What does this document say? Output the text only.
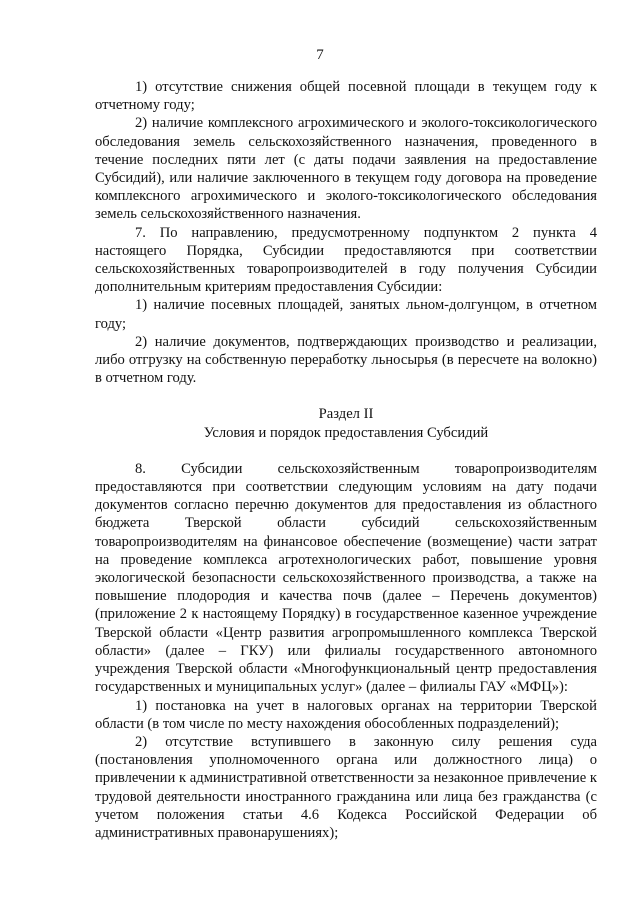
7

1) отсутствие снижения общей посевной площади в текущем году к отчетному году;

2) наличие комплексного агрохимического и эколого-токсикологического обследования земель сельскохозяйственного назначения, проведенного в течение последних пяти лет (с даты подачи заявления на предоставление Субсидий), или наличие заключенного в текущем году договора на проведение комплексного агрохимического и эколого-токсикологического обследования земель сельскохозяйственного назначения.

7. По направлению, предусмотренному подпунктом 2 пункта 4 настоящего Порядка, Субсидии предоставляются при соответствии сельскохозяйственных товаропроизводителей в году получения Субсидии дополнительным критериям предоставления Субсидии:

1) наличие посевных площадей, занятых льном-долгунцом, в отчетном году;

2) наличие документов, подтверждающих производство и реализации, либо отгрузку на собственную переработку льносырья (в пересчете на волокно) в отчетном году.

Раздел II

Условия и порядок предоставления Субсидий

8. Субсидии сельскохозяйственным товаропроизводителям предоставляются при соответствии следующим условиям на дату подачи документов согласно перечню документов для предоставления из областного бюджета Тверской области субсидий сельскохозяйственным товаропроизводителям на финансовое обеспечение (возмещение) части затрат на проведение комплекса агротехнологических работ, повышение уровня экологической безопасности сельскохозяйственного производства, а также на повышение плодородия и качества почв (далее – Перечень документов) (приложение 2 к настоящему Порядку) в государственное казенное учреждение Тверской области «Центр развития агропромышленного комплекса Тверской области» (далее – ГКУ) или филиалы государственного автономного учреждения Тверской области «Многофункциональный центр предоставления государственных и муниципальных услуг» (далее – филиалы ГАУ «МФЦ»):

1) постановка на учет в налоговых органах на территории Тверской области (в том числе по месту нахождения обособленных подразделений);

2) отсутствие вступившего в законную силу решения суда (постановления уполномоченного органа или должностного лица) о привлечении к административной ответственности за незаконное привлечение к трудовой деятельности иностранного гражданина или лица без гражданства (с учетом положения статьи 4.6 Кодекса Российской Федерации об административных правонарушениях);
